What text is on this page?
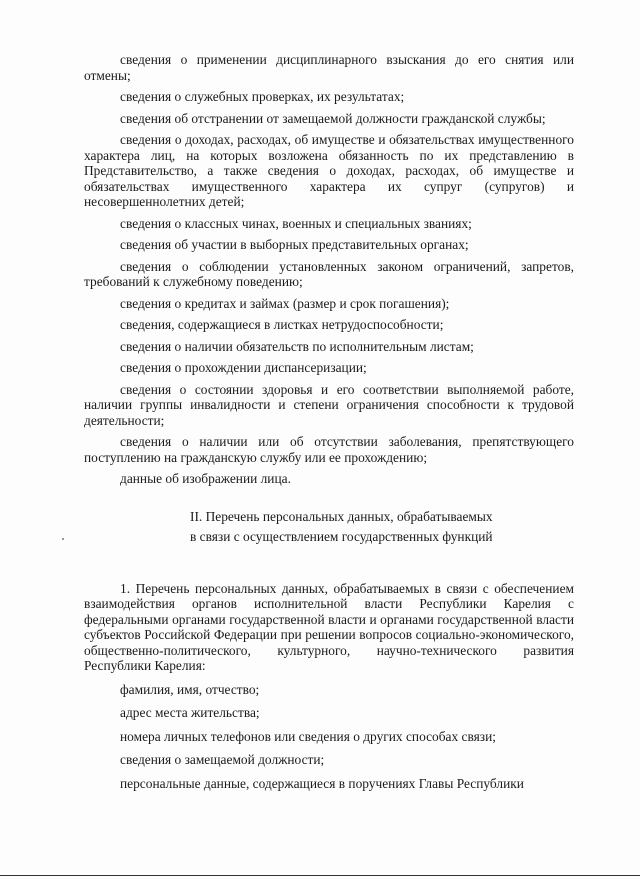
сведения о применении дисциплинарного взыскания до его снятия или отмены;

сведения о служебных проверках, их результатах;

сведения об отстранении от замещаемой должности гражданской службы;

сведения о доходах, расходах, об имуществе и обязательствах имущественного характера лиц, на которых возложена обязанность по их представлению в Представительство, а также сведения о доходах, расходах, об имуществе и обязательствах имущественного характера их супруг (супругов) и несовершеннолетних детей;

сведения о классных чинах, военных и специальных званиях;

сведения об участии в выборных представительных органах;

сведения о соблюдении установленных законом ограничений, запретов, требований к служебному поведению;

сведения о кредитах и займах (размер и срок погашения);

сведения, содержащиеся в листках нетрудоспособности;

сведения о наличии обязательств по исполнительным листам;

сведения о прохождении диспансеризации;

сведения о состоянии здоровья и его соответствии выполняемой работе, наличии группы инвалидности и степени ограничения способности к трудовой деятельности;

сведения о наличии или об отсутствии заболевания, препятствующего поступлению на гражданскую службу или ее прохождению;

данные об изображении лица.

II. Перечень персональных данных, обрабатываемых
в связи с осуществлением государственных функций

1. Перечень персональных данных, обрабатываемых в связи с обеспечением взаимодействия органов исполнительной власти Республики Карелия с федеральными органами государственной власти и органами государственной власти субъектов Российской Федерации при решении вопросов социально-экономического, общественно-политического, культурного, научно-технического развития Республики Карелия:

фамилия, имя, отчество;

адрес места жительства;

номера личных телефонов или сведения о других способах связи;

сведения о замещаемой должности;

персональные данные, содержащиеся в поручениях Главы Республики
